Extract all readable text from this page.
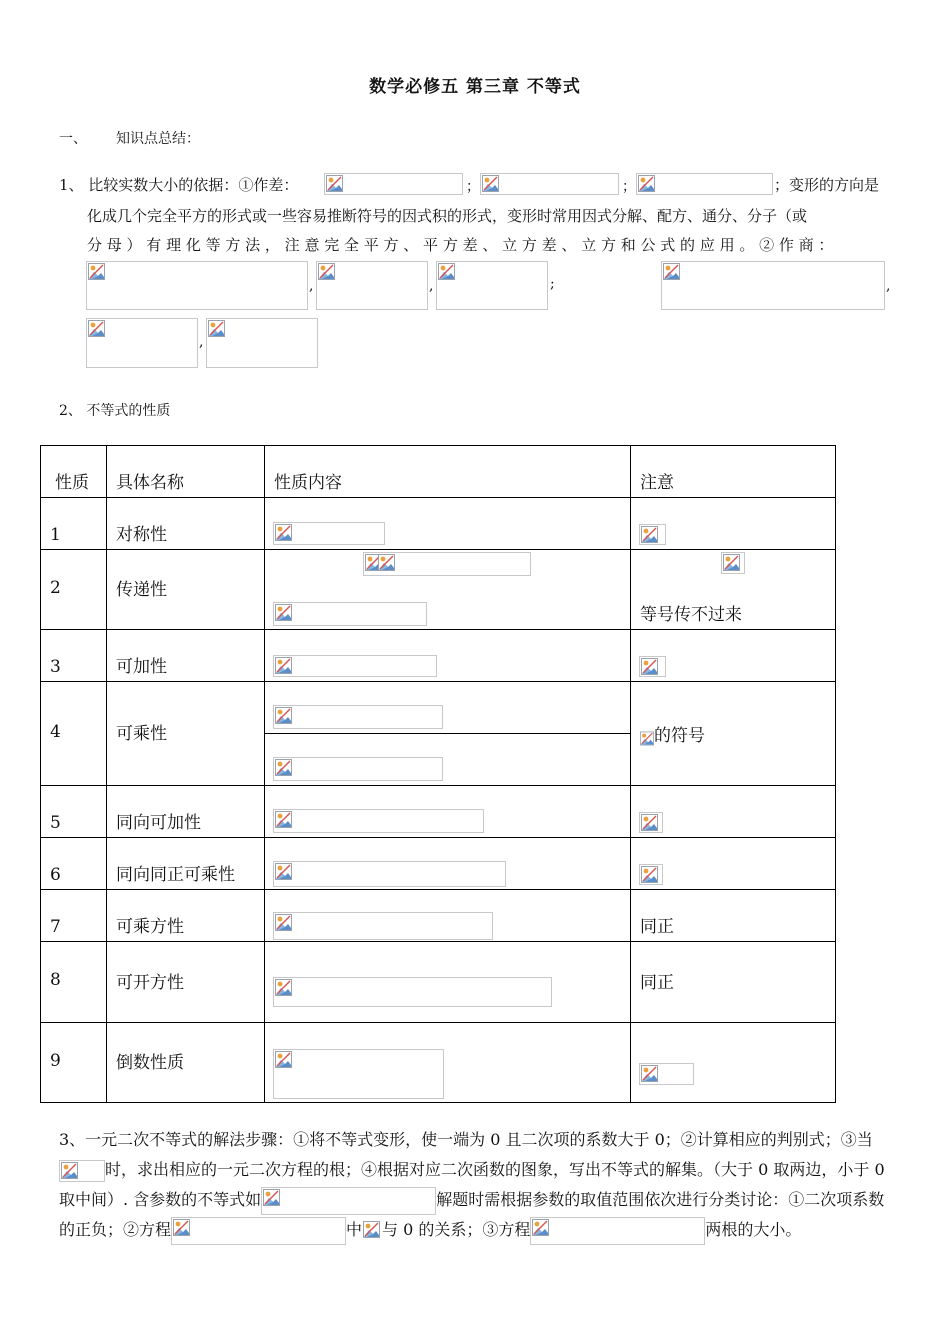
数学必修五 第三章 不等式
一、 知识点总结：
1、 比较实数大小的依据：①作差：	；	；	；变形的方向是
化成几个完全平方的形式或一些容易推断符号的因式积的形式，变形时常用因式分解、配方、通分、分子（或
分 母 ） 有 理 化 等 方 法 ， 注 意 完 全 平 方 、 平 方 差 、 立 方 差 、 立 方 和 公 式 的 应 用 。 ② 作 商 ：
,	,	;	,
,
2、 不等式的性质
性质	具体名称	性质内容	注意
1	对称性	

2	传递性		等号传不过来
3	可加性	

4	可乘性		的符号
5	同向可加性	

6	同向同正可乘性	

7	可乘方性		同正
8	可开方性		同正
9	倒数性质	

3、一元二次不等式的解法步骤：①将不等式变形，使一端为 0 且二次项的系数大于 0；②计算相应的判别式；③当
时，求出相应的一元二次方程的根；④根据对应二次函数的图象，写出不等式的解集。（大于 0 取两边，小于 0 取中间）. 含参数的不等式如	解题时需根据参数的取值范围依次进行分类讨论：①二次项系数的正负；②方程	中 与 0 的关系；③方程	两根的大小。
